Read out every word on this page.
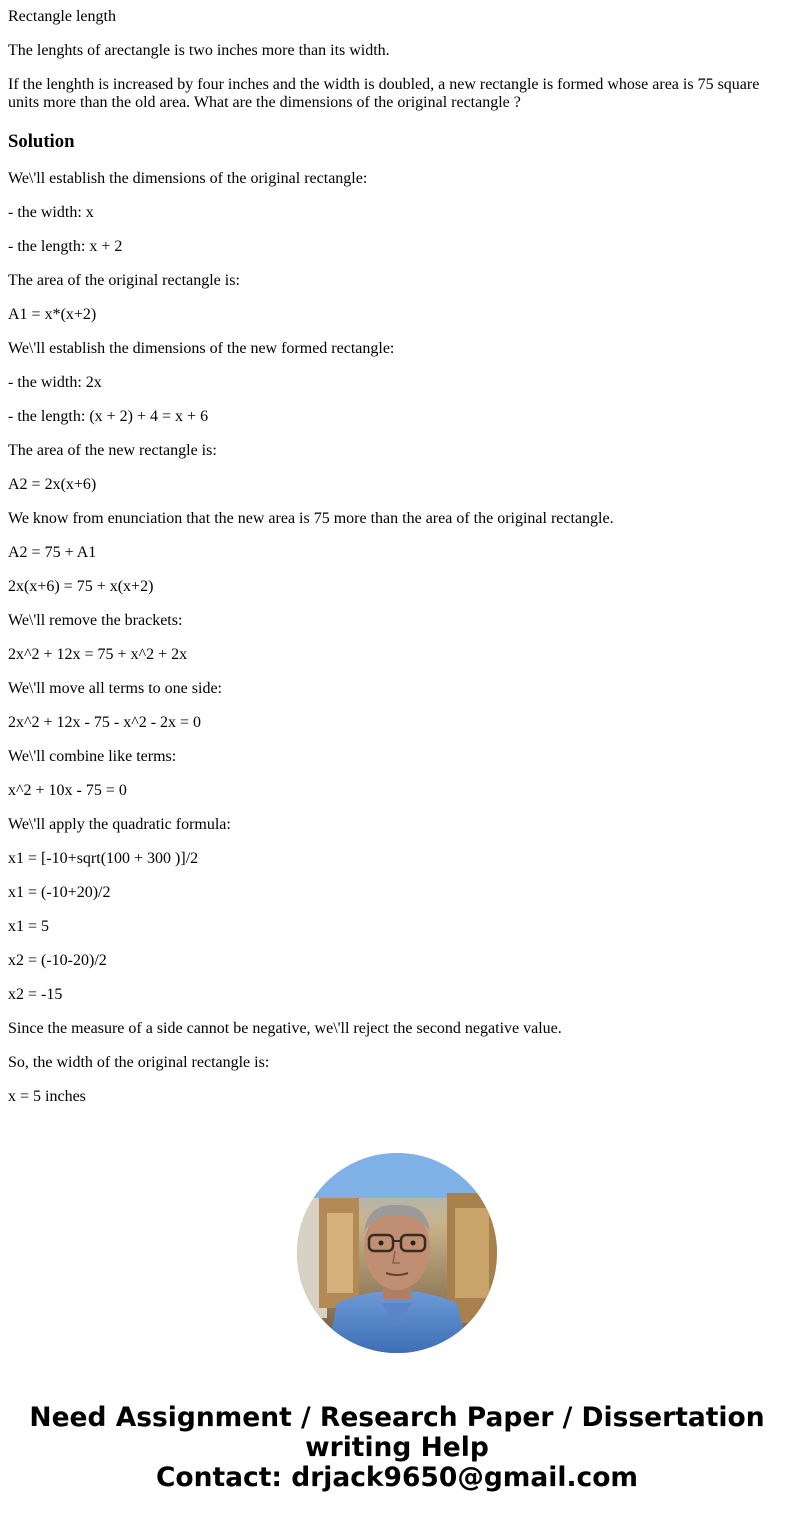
Rectangle length
The lenghts of arectangle is two inches more than its width.
If the lenghth is increased by four inches and the width is doubled, a new rectangle is formed whose area is 75 square units more than the old area. What are the dimensions of the original rectangle ?
Solution
We\'ll establish the dimensions of the original rectangle:
- the width: x
- the length: x + 2
The area of the original rectangle is:
A1 = x*(x+2)
We\'ll establish the dimensions of the new formed rectangle:
- the width: 2x
- the length: (x + 2) + 4 = x + 6
The area of the new rectangle is:
A2 = 2x(x+6)
We know from enunciation that the new area is 75 more than the area of the original rectangle.
A2 = 75 + A1
2x(x+6) = 75 + x(x+2)
We\'ll remove the brackets:
2x^2 + 12x = 75 + x^2 + 2x
We\'ll move all terms to one side:
2x^2 + 12x - 75 - x^2 - 2x = 0
We\'ll combine like terms:
x^2 + 10x - 75 = 0
We\'ll apply the quadratic formula:
x1 = [-10+sqrt(100 + 300 )]/2
x1 = (-10+20)/2
x1 = 5
x2 = (-10-20)/2
x2 = -15
Since the measure of a side cannot be negative, we\'ll reject the second negative value.
So, the width of the original rectangle is:
x = 5 inches
Need Assignment / Research Paper / Dissertation
writing Help
Contact: drjack9650@gmail.com
